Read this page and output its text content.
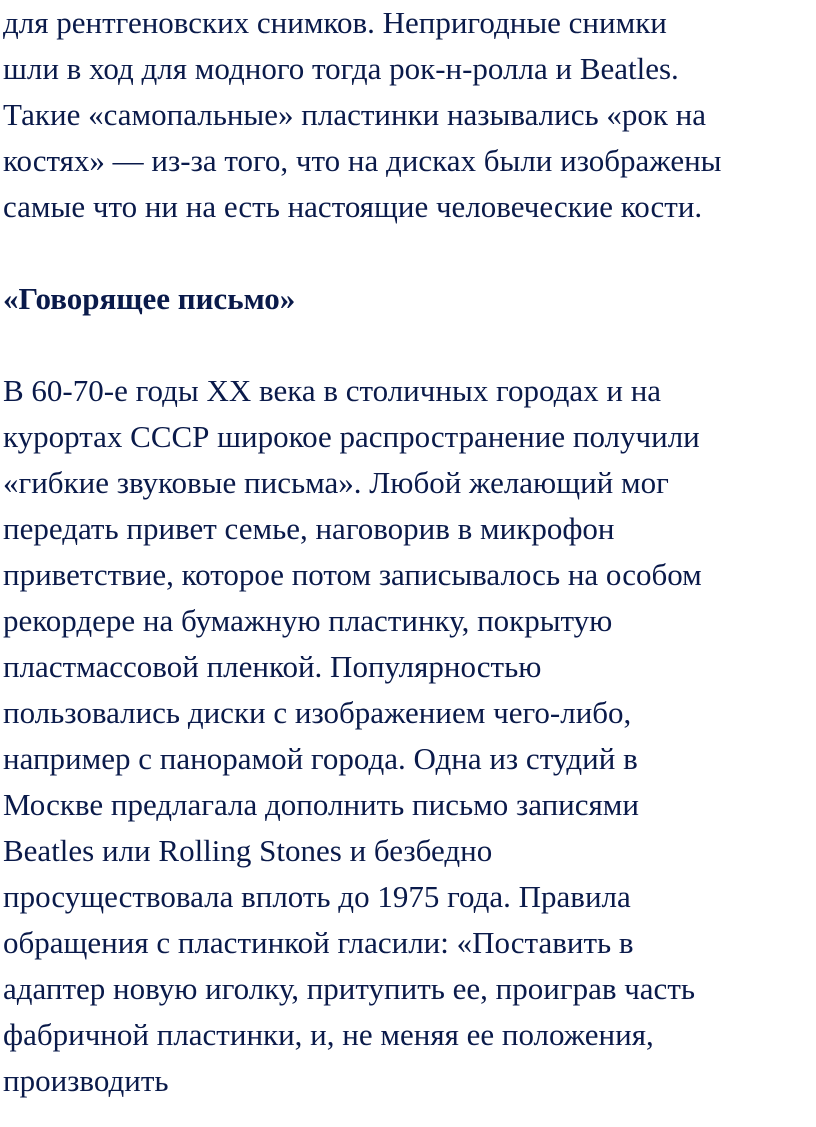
для рентгеновских снимков. Непригодные снимки
шли в ход для модного тогда рок-н-ролла и Beatles.
Такие «самопальные» пластинки назывались «рок на
костях» — из-за того, что на дисках были изображены
самые что ни на есть настоящие человеческие кости.
«Говорящее письмо»
В 60-70-е годы XX века в столичных городах и на
курортах СССР широкое распространение получили
«гибкие звуковые письма». Любой желающий мог
передать привет семье, наговорив в микрофон
приветствие, которое потом записывалось на особом
рекордере на бумажную пластинку, покрытую
пластмассовой пленкой. Популярностью
пользовались диски с изображением чего-либо,
например с панорамой города. Одна из студий в
Москве предлагала дополнить письмо записями
Beatles или Rolling Stones и безбедно
просуществовала вплоть до 1975 года. Правила
обращения с пластинкой гласили: «Поставить в
адаптер новую иголку, притупить ее, проиграв часть
фабричной пластинки, и, не меняя ее положения,
производить
